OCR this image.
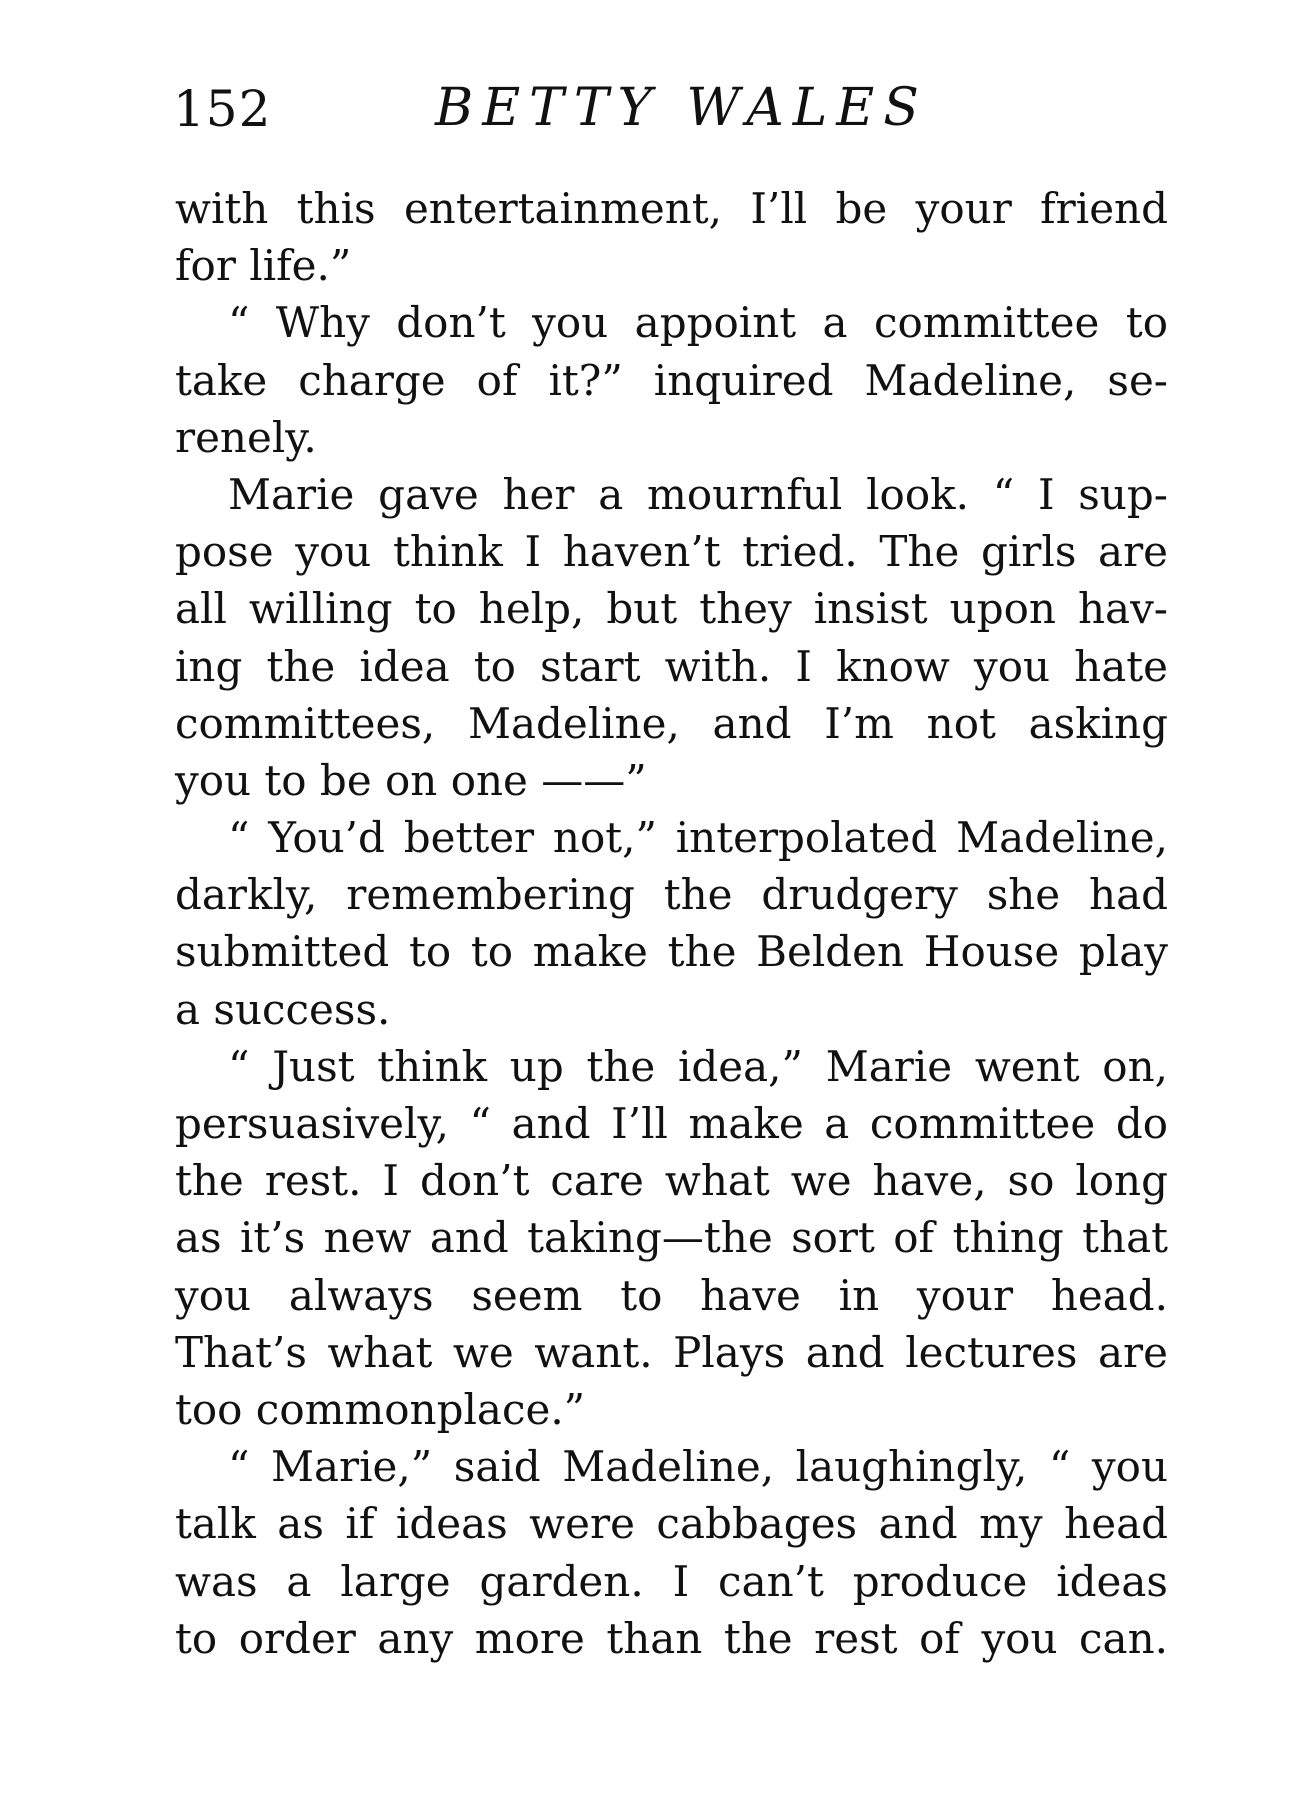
152	BETTY WALES
with this entertainment, I’ll be your friend
for life.”
“ Why don’t you appoint a committee to
take charge of it?” inquired Madeline, se-
renely.
Marie gave her a mournful look. “ I sup-
pose you think I haven’t tried. The girls are
all willing to help, but they insist upon hav-
ing the idea to start with. I know you hate
committees, Madeline, and I’m not asking
you to be on one ——”
“ You’d better not,” interpolated Madeline,
darkly, remembering the drudgery she had
submitted to to make the Belden House play
a success.
“ Just think up the idea,” Marie went on,
persuasively, “ and I’ll make a committee do
the rest. I don’t care what we have, so long
as it’s new and taking—the sort of thing that
you always seem to have in your head.
That’s what we want. Plays and lectures are
too commonplace.”
“ Marie,” said Madeline, laughingly, “ you
talk as if ideas were cabbages and my head
was a large garden. I can’t produce ideas
to order any more than the rest of you can.
